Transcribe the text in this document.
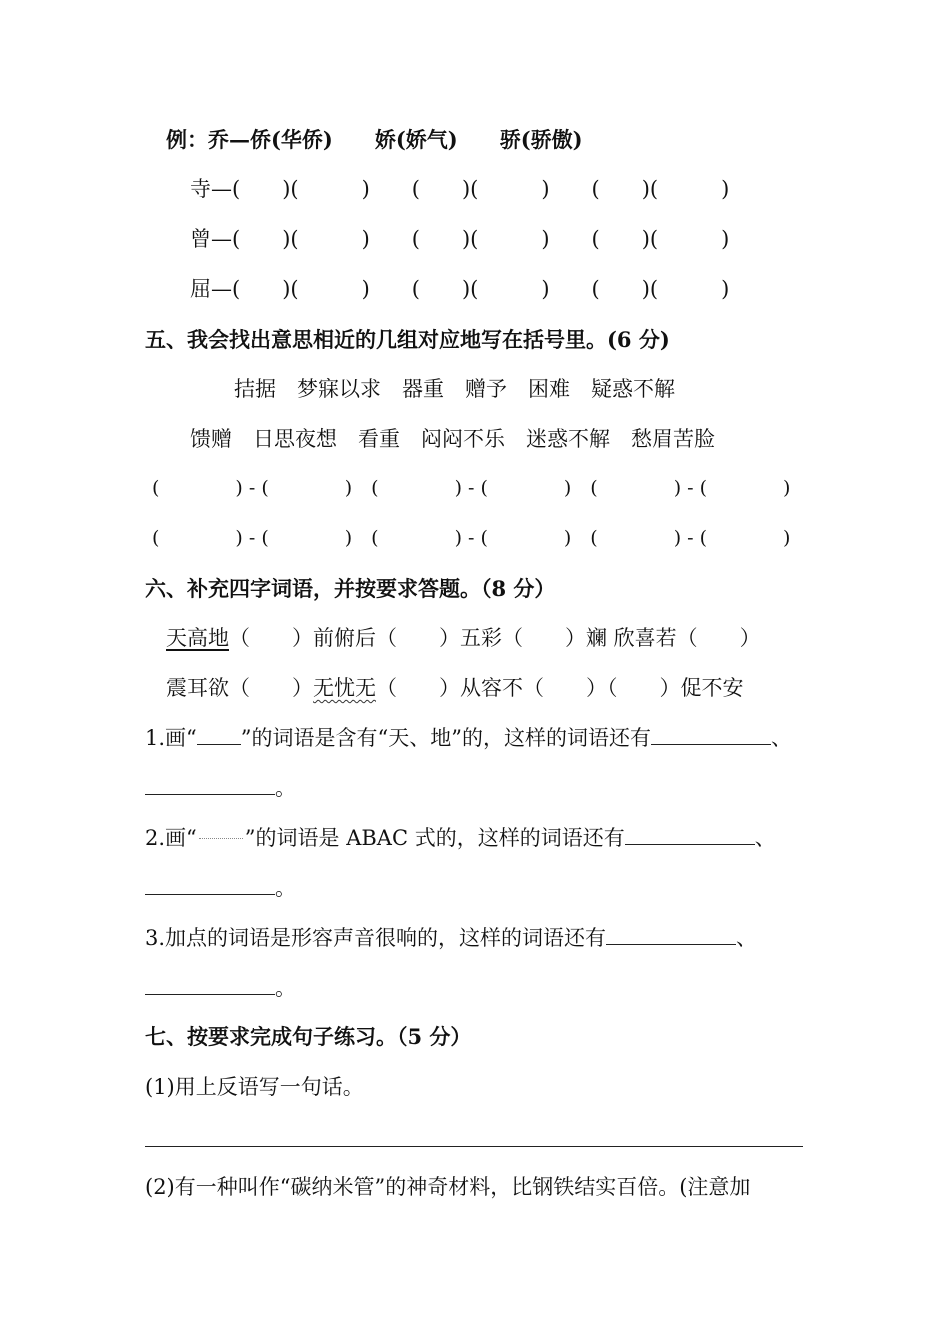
例：乔—侨(华侨)　　娇(娇气)　　骄(骄傲)
寺—(　　)(　　　)　　(　　)(　　　)　　(　　)(　　　)
曾—(　　)(　　　)　　(　　)(　　　)　　(　　)(　　　)
屈—(　　)(　　　)　　(　　)(　　　)　　(　　)(　　　)
五、我会找出意思相近的几组对应地写在括号里。(6 分)
拮据　梦寐以求　器重　赠予　困难　疑惑不解
馈赠　日思夜想　看重　闷闷不乐　迷惑不解　愁眉苦脸
(　　　　) - (　　　　)　(　　　　) - (　　　　)　(　　　　) - (　　　　)
(　　　　) - (　　　　)　(　　　　) - (　　　　)　(　　　　) - (　　　　)
六、补充四字词语，并按要求答题。（8 分）
天高地（　　）前俯后（　　）五彩（　　）斓 欣喜若（　　）
震耳欲（　　）无忧无（　　）从容不（　　）（　　）促不安
1.画“ ”的词语是含有“天、地”的，这样的词语还有	、
。
2.画“ ”的词语是 ABAC 式的，这样的词语还有	、
。
3.加点的词语是形容声音很响的，这样的词语还有	、
。
七、按要求完成句子练习。（5 分）
(1)用上反语写一句话。
(2)有一种叫作“碳纳米管”的神奇材料，比钢铁结实百倍。(注意加
